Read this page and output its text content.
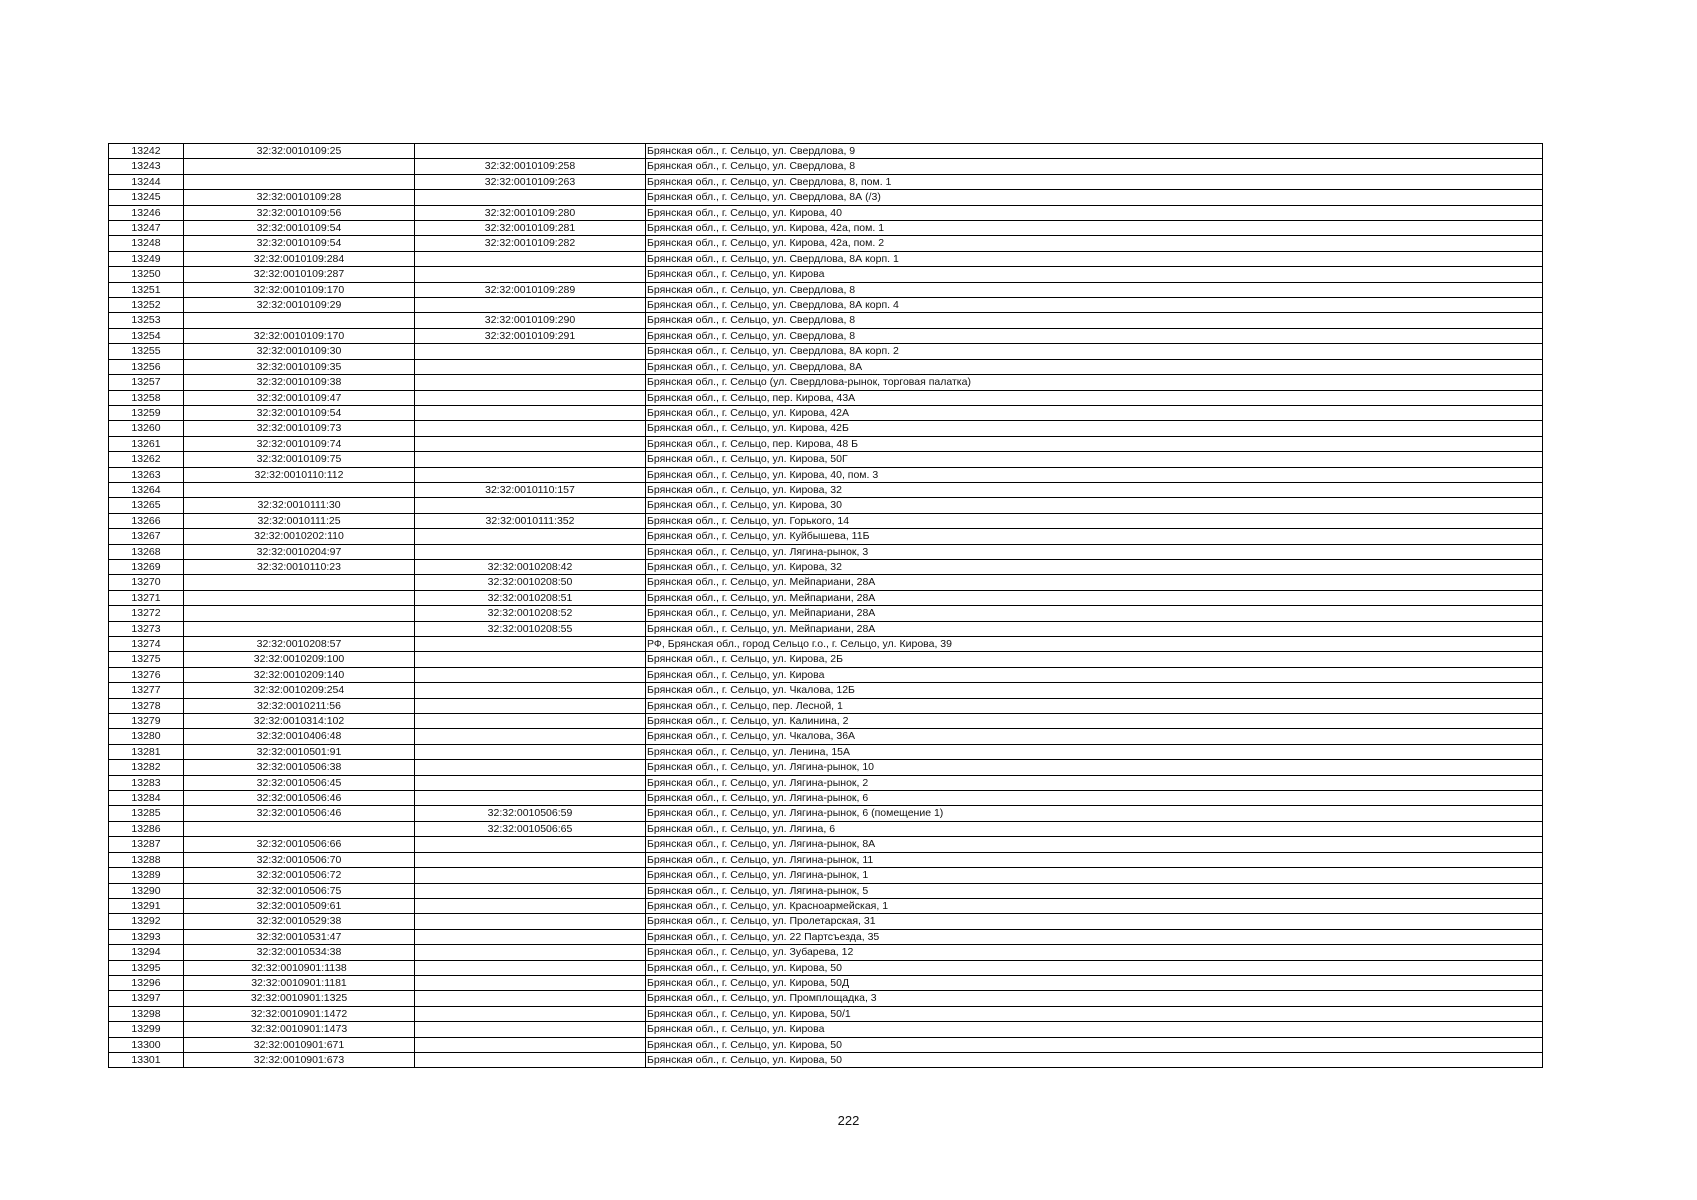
13242	32:32:0010109:25		Брянская обл., г. Сельцо, ул. Свердлова, 9
13243		32:32:0010109:258	Брянская обл., г. Сельцо, ул. Свердлова, 8
13244		32:32:0010109:263	Брянская обл., г. Сельцо, ул. Свердлова, 8, пом. 1
13245	32:32:0010109:28		Брянская обл., г. Сельцо, ул. Свердлова, 8А (/3)
13246	32:32:0010109:56	32:32:0010109:280	Брянская обл., г. Сельцо, ул. Кирова, 40
13247	32:32:0010109:54	32:32:0010109:281	Брянская обл., г. Сельцо, ул. Кирова, 42а, пом. 1
13248	32:32:0010109:54	32:32:0010109:282	Брянская обл., г. Сельцо, ул. Кирова, 42а, пом. 2
13249	32:32:0010109:284		Брянская обл., г. Сельцо, ул. Свердлова, 8А корп. 1
13250	32:32:0010109:287		Брянская обл., г. Сельцо, ул. Кирова
13251	32:32:0010109:170	32:32:0010109:289	Брянская обл., г. Сельцо, ул. Свердлова, 8
13252	32:32:0010109:29		Брянская обл., г. Сельцо, ул. Свердлова, 8А корп. 4
13253		32:32:0010109:290	Брянская обл., г. Сельцо, ул. Свердлова, 8
13254	32:32:0010109:170	32:32:0010109:291	Брянская обл., г. Сельцо, ул. Свердлова, 8
13255	32:32:0010109:30		Брянская обл., г. Сельцо, ул. Свердлова, 8А корп. 2
13256	32:32:0010109:35		Брянская обл., г. Сельцо, ул. Свердлова, 8А
13257	32:32:0010109:38		Брянская обл., г. Сельцо (ул. Свердлова-рынок, торговая палатка)
13258	32:32:0010109:47		Брянская обл., г. Сельцо, пер. Кирова, 43А
13259	32:32:0010109:54		Брянская обл., г. Сельцо, ул. Кирова, 42А
13260	32:32:0010109:73		Брянская обл., г. Сельцо, ул. Кирова, 42Б
13261	32:32:0010109:74		Брянская обл., г. Сельцо, пер. Кирова, 48 Б
13262	32:32:0010109:75		Брянская обл., г. Сельцо, ул. Кирова, 50Г
13263	32:32:0010110:112		Брянская обл., г. Сельцо, ул. Кирова, 40, пом. 3
13264		32:32:0010110:157	Брянская обл., г. Сельцо, ул. Кирова, 32
13265	32:32:0010111:30		Брянская обл., г. Сельцо, ул. Кирова, 30
13266	32:32:0010111:25	32:32:0010111:352	Брянская обл., г. Сельцо, ул. Горького, 14
13267	32:32:0010202:110		Брянская обл., г. Сельцо, ул. Куйбышева, 11Б
13268	32:32:0010204:97		Брянская обл., г. Сельцо, ул. Лягина-рынок, 3
13269	32:32:0010110:23	32:32:0010208:42	Брянская обл., г. Сельцо, ул. Кирова, 32
13270		32:32:0010208:50	Брянская обл., г. Сельцо, ул. Мейпариани, 28А
13271		32:32:0010208:51	Брянская обл., г. Сельцо, ул. Мейпариани, 28А
13272		32:32:0010208:52	Брянская обл., г. Сельцо, ул. Мейпариани, 28А
13273		32:32:0010208:55	Брянская обл., г. Сельцо, ул. Мейпариани, 28А
13274	32:32:0010208:57		РФ, Брянская обл., город Сельцо г.о., г. Сельцо, ул. Кирова, 39
13275	32:32:0010209:100		Брянская обл., г. Сельцо, ул. Кирова, 2Б
13276	32:32:0010209:140		Брянская обл., г. Сельцо, ул. Кирова
13277	32:32:0010209:254		Брянская обл., г. Сельцо, ул. Чкалова, 12Б
13278	32:32:0010211:56		Брянская обл., г. Сельцо, пер. Лесной, 1
13279	32:32:0010314:102		Брянская обл., г. Сельцо, ул. Калинина, 2
13280	32:32:0010406:48		Брянская обл., г. Сельцо, ул. Чкалова, 36А
13281	32:32:0010501:91		Брянская обл., г. Сельцо, ул. Ленина, 15А
13282	32:32:0010506:38		Брянская обл., г. Сельцо, ул. Лягина-рынок, 10
13283	32:32:0010506:45		Брянская обл., г. Сельцо, ул. Лягина-рынок, 2
13284	32:32:0010506:46		Брянская обл., г. Сельцо, ул. Лягина-рынок, 6
13285	32:32:0010506:46	32:32:0010506:59	Брянская обл., г. Сельцо, ул. Лягина-рынок, 6 (помещение 1)
13286		32:32:0010506:65	Брянская обл., г. Сельцо, ул. Лягина, 6
13287	32:32:0010506:66		Брянская обл., г. Сельцо, ул. Лягина-рынок, 8А
13288	32:32:0010506:70		Брянская обл., г. Сельцо, ул. Лягина-рынок, 11
13289	32:32:0010506:72		Брянская обл., г. Сельцо, ул. Лягина-рынок, 1
13290	32:32:0010506:75		Брянская обл., г. Сельцо, ул. Лягина-рынок, 5
13291	32:32:0010509:61		Брянская обл., г. Сельцо, ул. Красноармейская, 1
13292	32:32:0010529:38		Брянская обл., г. Сельцо, ул. Пролетарская, 31
13293	32:32:0010531:47		Брянская обл., г. Сельцо, ул. 22 Партсъезда, 35
13294	32:32:0010534:38		Брянская обл., г. Сельцо, ул. Зубарева, 12
13295	32:32:0010901:1138		Брянская обл., г. Сельцо, ул. Кирова, 50
13296	32:32:0010901:1181		Брянская обл., г. Сельцо, ул. Кирова, 50Д
13297	32:32:0010901:1325		Брянская обл., г. Сельцо, ул. Промплощадка, 3
13298	32:32:0010901:1472		Брянская обл., г. Сельцо, ул. Кирова, 50/1
13299	32:32:0010901:1473		Брянская обл., г. Сельцо, ул. Кирова
13300	32:32:0010901:671		Брянская обл., г. Сельцо, ул. Кирова, 50
13301	32:32:0010901:673		Брянская обл., г. Сельцо, ул. Кирова, 50
222
